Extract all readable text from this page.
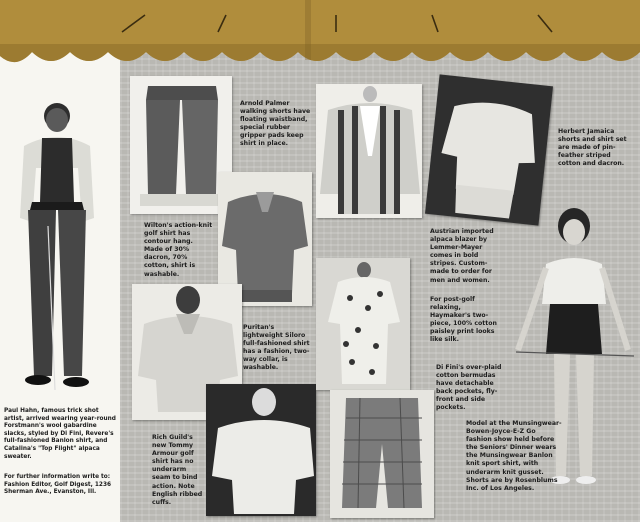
Arnold Palmer walking shorts have floating waistband, special rubber gripper pads keep shirt in place.

Wilton's action-knit golf shirt has contour hang. Made of 30% dacron, 70% cotton, shirt is washable.

Puritan's lightweight Siloro full-fashioned shirt has a fashion, two-way collar, is washable.

Rich Guild's new Tommy Armour golf shirt has no underarm seam to bind action. Note English ribbed cuffs.

Herbert Jamaica shorts and shirt set are made of pin-feather striped cotton and dacron.

Austrian imported alpaca blazer by Lemmer-Mayer comes in bold stripes. Custom-made to order for men and women.

For post-golf relaxing, Haymaker's two-piece, 100% cotton paisley print looks like silk.

Di Fini's over-plaid cotton bermudas have detachable back pockets, fly-front and side pockets.

Model at the Munsingwear-Bowen-Joyce-E-Z Go fashion show held before the Seniors' Dinner wears the Munsingwear Banlon knit sport shirt, with underarm knit gusset. Shorts are by Rosenblums Inc. of Los Angeles.

Paul Hahn, famous trick shot artist, arrived wearing year-round Forstmann's wool gabardine slacks, styled by Di Fini, Revere's full-fashioned Banlon shirt, and Catalina's "Top Flight" alpaca sweater.

For further information write to: Fashion Editor, Golf Digest, 1236 Sherman Ave., Evanston, Ill.
